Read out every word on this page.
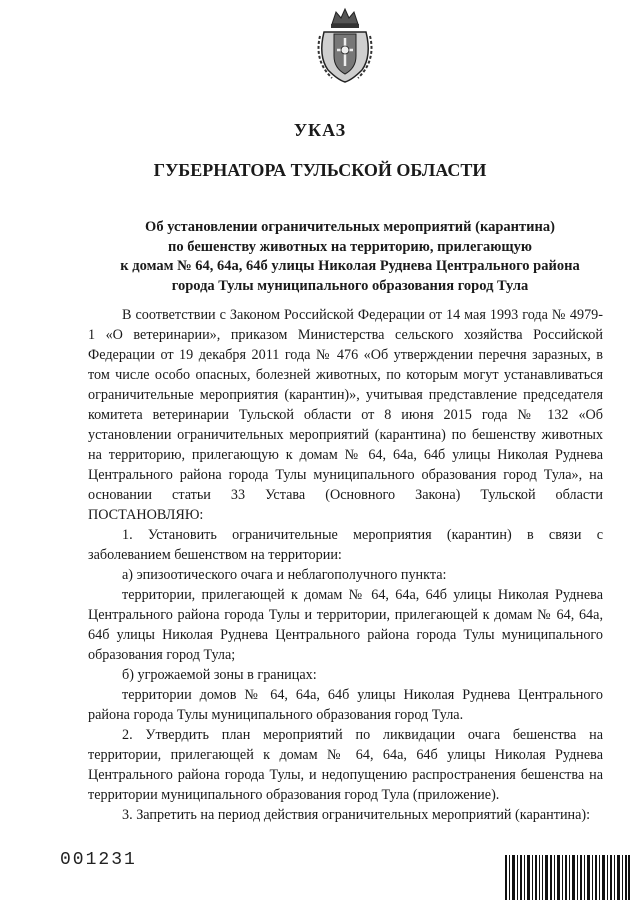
УКАЗ
ГУБЕРНАТОРА ТУЛЬСКОЙ ОБЛАСТИ
Об установлении ограничительных мероприятий (карантина)
по бешенству животных на территорию, прилегающую
к домам № 64, 64а, 64б улицы Николая Руднева Центрального района
города Тулы муниципального образования город Тула

В соответствии с Законом Российской Федерации от 14 мая 1993 года № 4979-1 «О ветеринарии», приказом Министерства сельского хозяйства Российской Федерации от 19 декабря 2011 года № 476 «Об утверждении перечня заразных, в том числе особо опасных, болезней животных, по которым могут устанавливаться ограничительные мероприятия (карантин)», учитывая представление председателя комитета ветеринарии Тульской области от 8 июня 2015 года № 132 «Об установлении ограничительных мероприятий (карантина) по бешенству животных на территорию, прилегающую к домам № 64, 64а, 64б улицы Николая Руднева Центрального района города Тулы муниципального образования город Тула», на основании статьи 33 Устава (Основного Закона) Тульской области ПОСТАНОВЛЯЮ:

1. Установить ограничительные мероприятия (карантин) в связи с заболеванием бешенством на территории:

а) эпизоотического очага и неблагополучного пункта:

территории, прилегающей к домам № 64, 64а, 64б улицы Николая Руднева Центрального района города Тулы и территории, прилегающей к домам № 64, 64а, 64б улицы Николая Руднева Центрального района города Тулы муниципального образования город Тула;

б) угрожаемой зоны в границах:

территории домов № 64, 64а, 64б улицы Николая Руднева Центрального района города Тулы муниципального образования город Тула.

2. Утвердить план мероприятий по ликвидации очага бешенства на территории, прилегающей к домам № 64, 64а, 64б улицы Николая Руднева Центрального района города Тулы, и недопущению распространения бешенства на территории муниципального образования город Тула (приложение).

3. Запретить на период действия ограничительных мероприятий (карантина):

001231
